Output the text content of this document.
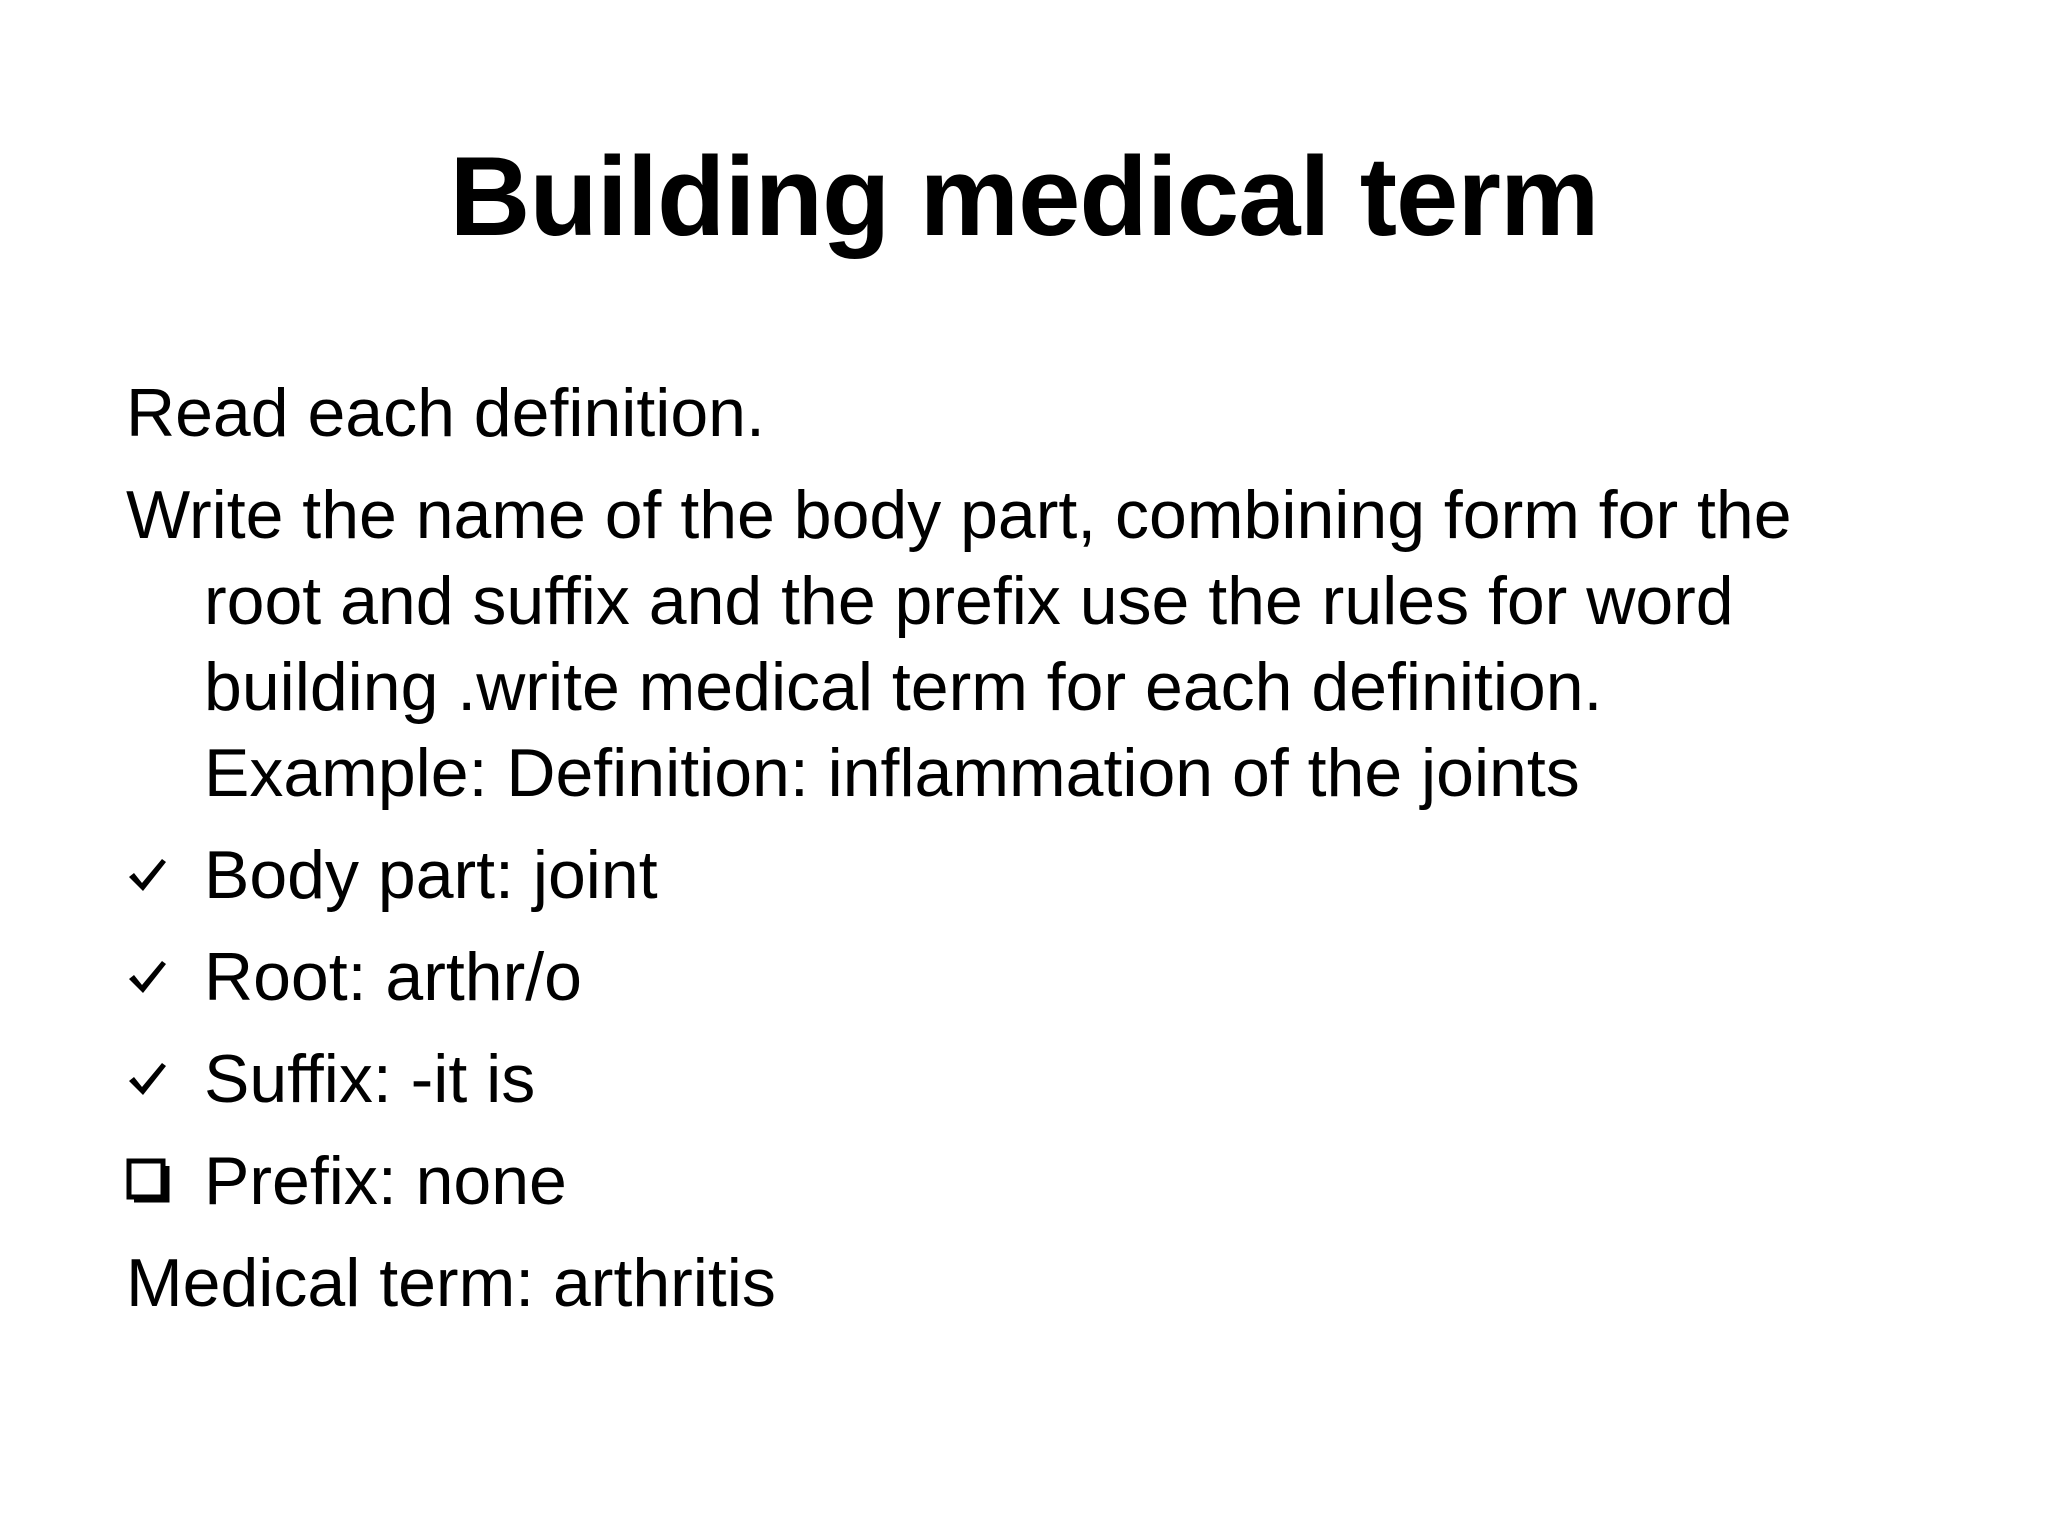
Building medical term
Read each definition.
Write the name of the body part, combining form for the
root and suffix and the prefix use the rules for word
building .write medical term for each definition.
Example: Definition: inflammation of the joints
Body part: joint
Root: arthr/o
Suffix: -it is
Prefix: none
Medical term: arthritis
